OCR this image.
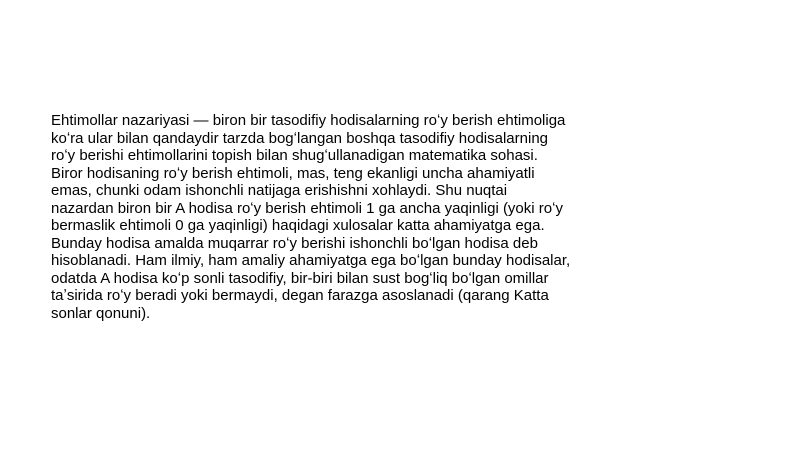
Ehtimollar nazariyasi — biron bir tasodifiy hodisalarning roʻy berish ehtimoliga
koʻra ular bilan qandaydir tarzda bogʻlangan boshqa tasodifiy hodisalarning
roʻy berishi ehtimollarini topish bilan shugʻullanadigan matematika sohasi.
Biror hodisaning roʻy berish ehtimoli, mas, teng ekanligi uncha ahamiyatli
emas, chunki odam ishonchli natijaga erishishni xohlaydi. Shu nuqtai
nazardan biron bir A hodisa roʻy berish ehtimoli 1 ga ancha yaqinligi (yoki roʻy
bermaslik ehtimoli 0 ga yaqinligi) haqidagi xulosalar katta ahamiyatga ega.
Bunday hodisa amalda muqarrar roʻy berishi ishonchli boʻlgan hodisa deb
hisoblanadi. Ham ilmiy, ham amaliy ahamiyatga ega boʻlgan bunday hodisalar,
odatda A hodisa koʻp sonli tasodifiy, bir-biri bilan sust bogʻliq boʻlgan omillar
taʼsirida roʻy beradi yoki bermaydi, degan farazga asoslanadi (qarang Katta
sonlar qonuni).
